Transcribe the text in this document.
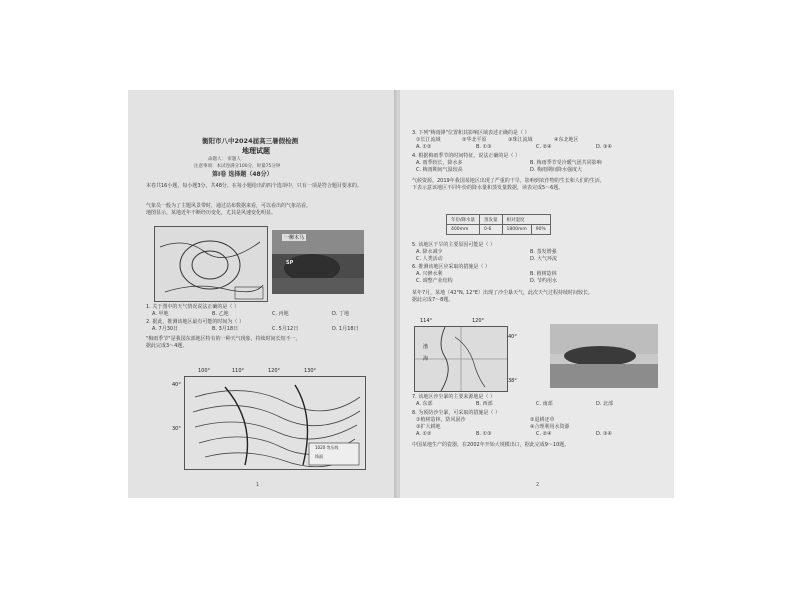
衡阳市八中2024届高三暑假检测
地理试题
命题人： 审题人：
注意事项：本试卷满分100分，时量75分钟
第Ⅰ卷 选择题（48分）
本卷共16小题，每小题3分，共48分。在每小题给出的四个选项中，只有一项是符合题目要求的。
气象员一般为了主题风景带时，通过站布数据来看，可以看出的气象站看。
地图显示，某地近年不断经历变化，尤其是风速变化明显。
SP
一柳木马
1. 关于图中的天气情况说法正确的是（ ）
A. 甲地	B. 乙地	C. 丙地	D. 丁地
2. 据此，推测该地区最有可能的时间为（ ）
A. 7月30日	B. 3月18日	C. 5月12日	D. 1月18日
"梅雨季节"是我国东部地区特有的一种天气现象，持续时间长短不一。
据此完成3～4题。
1020 等压线
锋面
100°	110°	120°	130°
40°
30°
1
3. 下列"梅雨锋"位置和其影响区域表述正确的是（ ）
①长江流域	②华北平原	③珠江流域	④东北地区
A. ①②	B. ①③	C. ②④	D. ③④
4. 根据梅雨季节的时间特征，说法正确的是（ ）
A. 雨季较长，降水多	B. 梅雨季节受冷暖气团共同影响
C. 梅雨期间气温较高	D. 梅雨期间降水强度大
气候资源。2019年我国某地区出现了严重的干旱，影响到农作物的生长和人们的生活。
下表示意该地区不同年份的降水量和蒸发量数据，读表完成5～6题。
年份/降水量	蒸发量	相对湿度	
400mm	0-6	1800mm	90%
5. 该地区干旱的主要原因可能是（ ）
A. 降水减少	B. 蒸发增强
C. 人类活动	D. 大气环流
6. 推测该地区应采取的措施是（ ）
A. 兴修水利	B. 植树造林
C. 调整产业结构	D. 节约用水
某年7月，某地（42°N, 12°E）出现了沙尘暴天气，此次天气过程持续时间较长。
据此完成7～8题。
渤
海
114°	120°
40°
38°
7. 该地区沙尘暴的主要来源地是（ ）
A. 东部	B. 西部	C. 南部	D. 北部
8. 为预防沙尘暴，可采取的措施是（ ）
①植树造林，防风固沙	②退耕还草
③扩大耕地	④合理利用水资源
A. ①②	B. ①③	C. ②④	D. ③④
中国某地生产的瓷器，在2002年开始大规模出口，据此完成9～10题。
2
